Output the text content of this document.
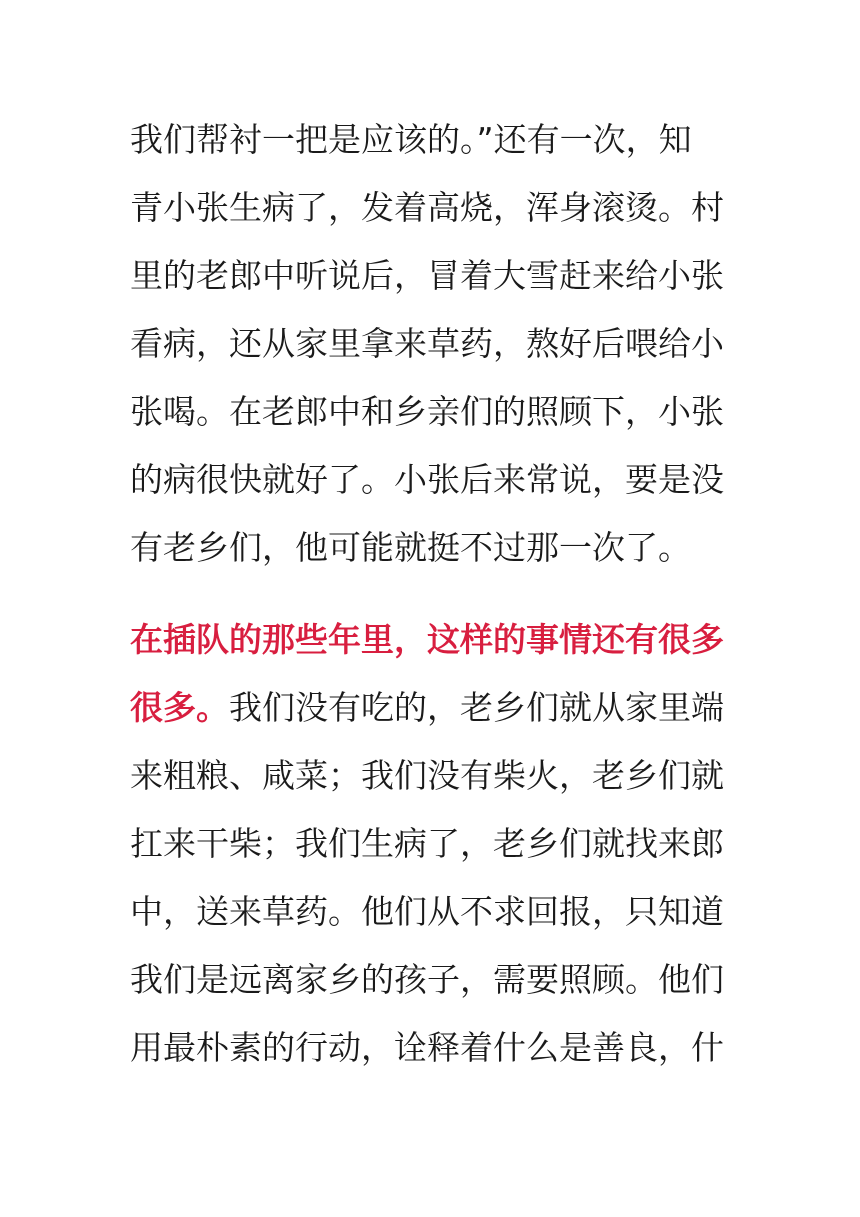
我们帮衬一把是应该的。”还有一次，知
青小张生病了，发着高烧，浑身滚烫。村
里的老郎中听说后，冒着大雪赶来给小张
看病，还从家里拿来草药，熬好后喂给小
张喝。在老郎中和乡亲们的照顾下，小张
的病很快就好了。小张后来常说，要是没
有老乡们，他可能就挺不过那一次了。
在插队的那些年里，这样的事情还有很多
很多。我们没有吃的，老乡们就从家里端
来粗粮、咸菜；我们没有柴火，老乡们就
扛来干柴；我们生病了，老乡们就找来郎
中，送来草药。他们从不求回报，只知道
我们是远离家乡的孩子，需要照顾。他们
用最朴素的行动，诠释着什么是善良，什
